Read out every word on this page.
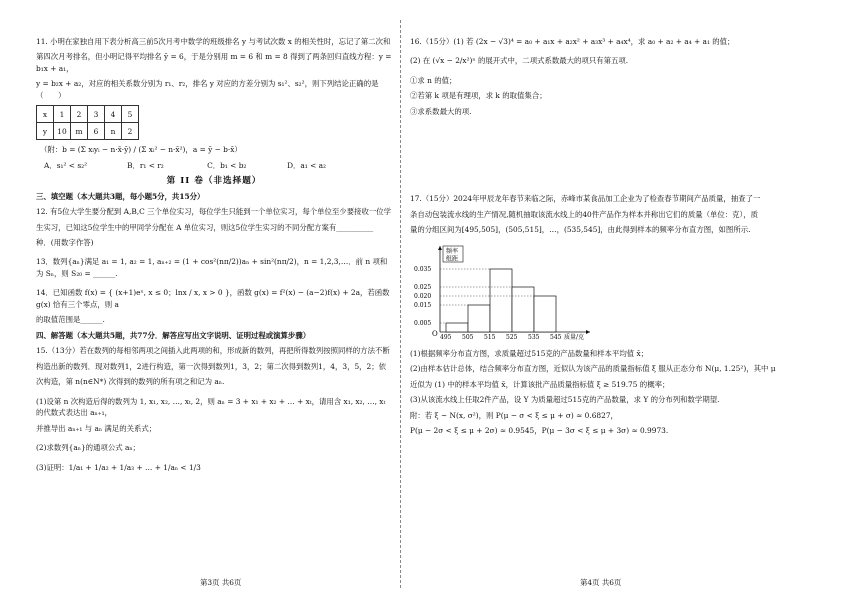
11. 小明在家独自用下表分析高三前5次月考中数学的班级排名 y 与考试次数 x 的相关性时，忘记了第二次和

第四次月考排名，但小明记得平均排名 ȳ = 6，于是分别用 m = 6 和 m = 8 得到了两条回归直线方程：y = b₁x + a₁，

y = b₂x + a₂，对应的相关系数分别为 r₁、r₂，排名 y 对应的方差分别为 s₁²、s₂²，则下列结论正确的是（　　）

x	1	2	3	4	5
y	10	m	6	n	2

（附：b = (Σ xᵢyᵢ − n·x̄·ȳ) / (Σ xᵢ² − n·x̄²)，a = ȳ − b·x̄）

A．s₁² < s₂²	B．r₁ < r₂	C．b₁ < b₂	D．a₁ < a₂

第 II 卷（非选择题）

三、填空题（本大题共3题，每小题5分，共15分）

12. 有5位大学生要分配到 A,B,C 三个单位实习，每位学生只能到一个单位实习，每个单位至少要接收一位学

生实习，已知这5位学生中的甲同学分配在 A 单位实习，则这5位学生实习的不同分配方案有__________

种．(用数字作答)

13．数列{aₙ}满足 a₁ = 1, a₂ = 1, aₙ₊₂ = (1 + cos²(nπ/2))aₙ + sin²(nπ/2)，n = 1,2,3,…．前 n 项和为 Sₙ，则 S₂₀ = ______.

14．已知函数 f(x) = { (x+1)eˣ, x ≤ 0；lnx / x, x > 0 }，函数 g(x) = f²(x) − (a−2)f(x) + 2a，若函数 g(x) 恰有三个零点，则 a

的取值范围是______.

四、解答题（本大题共5题，共77分．解答应写出文字说明、证明过程或演算步骤）

15.（13分）若在数列的每相邻两项之间插入此两项的和，形成新的数列，再把所得数列按照同样的方法不断

构造出新的数列．现对数列1，2进行构造，第一次得到数列1，3，2；第二次得到数列1，4，3，5，2；依

次构造，第 n(n∈N*) 次得到的数列的所有项之和记为 aₙ.

(1)设第 n 次构造后得的数列为 1, x₁, x₂, …, xₜ, 2，则 aₙ = 3 + x₁ + x₂ + … + xₜ，请用含 x₁, x₂, …, xₜ 的代数式表达出 aₙ₊₁，

并推导出 aₙ₊₁ 与 aₙ 满足的关系式；

(2)求数列{aₙ}的通项公式 aₙ；

(3)证明：1/a₁ + 1/a₂ + 1/a₃ + … + 1/aₙ < 1/3

第3页 共6页

16.（15分）(1) 若 (2x − √3)⁴ = a₀ + a₁x + a₂x² + a₃x³ + a₄x⁴，求 a₀ + a₂ + a₄ + a₁ 的值；

(2) 在 (√x − 2/x²)ⁿ 的展开式中，二项式系数最大的项只有第五项.

①求 n 的值；

②若第 k 项是有理项，求 k 的取值集合；

③求系数最大的项.

17.（15分）2024年甲辰龙年春节来临之际，赤峰市某食品加工企业为了检查春节期间产品质量，抽查了一

条自动包装流水线的生产情况,随机抽取该流水线上的40件产品作为样本并称出它们的质量（单位：克），质

量的分组区间为[495,505]，(505,515]，…，(535,545]，由此得到样本的频率分布直方图，如图所示.

频率
组距
O
0.035
0.025
0.020
0.015
0.005
495 505 515 525 535 545 质量/克

(1)根据频率分布直方图，求质量超过515克的产品数量和样本平均值 x̄；

(2)由样本估计总体，结合频率分布直方图，近似认为该产品的质量指标值 ξ 服从正态分布 N(μ, 1.25²)，其中 μ

近似为 (1) 中的样本平均值 x̄，计算该批产品质量指标值 ξ ≥ 519.75 的概率；

(3)从该流水线上任取2件产品，设 Y 为质量超过515克的产品数量，求 Y 的分布列和数学期望.

附：若 ξ ~ N(x, σ²)，则 P(μ − σ < ξ ≤ μ + σ) ≈ 0.6827，

P(μ − 2σ < ξ ≤ μ + 2σ) ≈ 0.9545，P(μ − 3σ < ξ ≤ μ + 3σ) ≈ 0.9973.

第4页 共6页
